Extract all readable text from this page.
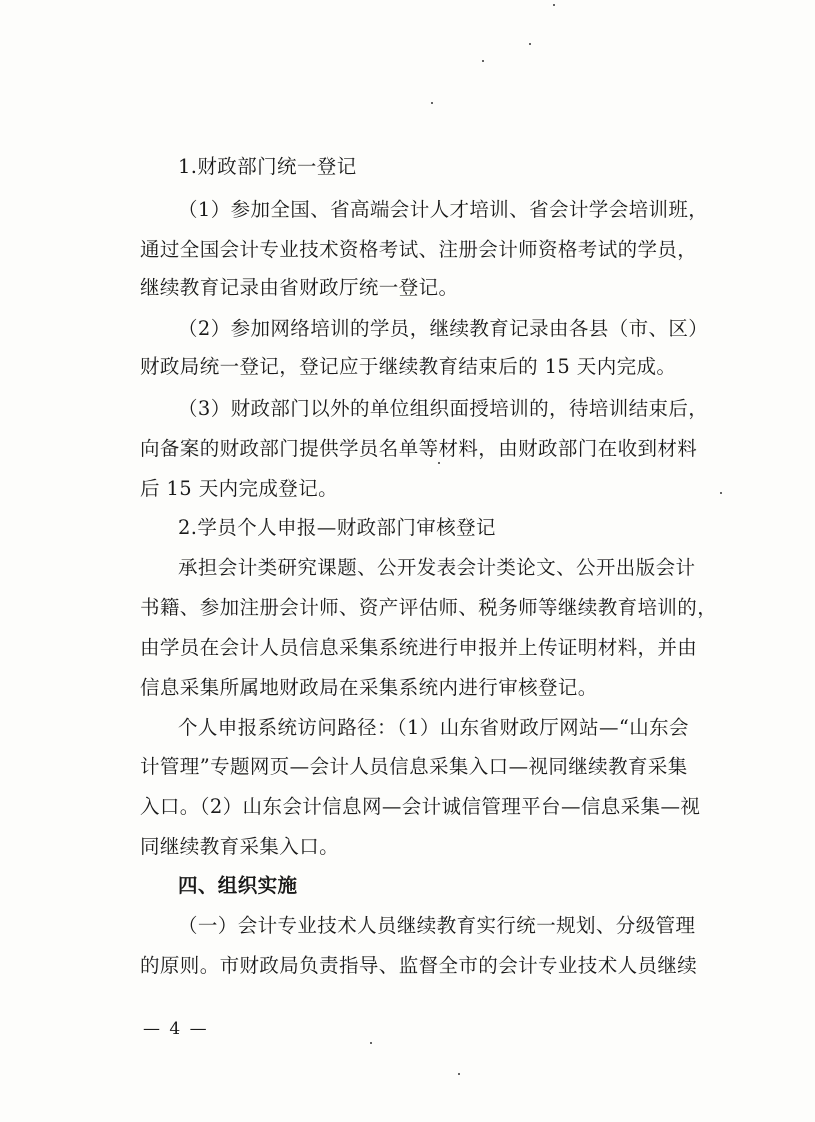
1.财政部门统一登记
（1）参加全国、省高端会计人才培训、省会计学会培训班，
通过全国会计专业技术资格考试、注册会计师资格考试的学员，
继续教育记录由省财政厅统一登记。
（2）参加网络培训的学员，继续教育记录由各县（市、区）
财政局统一登记，登记应于继续教育结束后的 15 天内完成。
（3）财政部门以外的单位组织面授培训的，待培训结束后，
向备案的财政部门提供学员名单等材料，由财政部门在收到材料
后 15 天内完成登记。
2.学员个人申报—财政部门审核登记
承担会计类研究课题、公开发表会计类论文、公开出版会计
书籍、参加注册会计师、资产评估师、税务师等继续教育培训的，
由学员在会计人员信息采集系统进行申报并上传证明材料，并由
信息采集所属地财政局在采集系统内进行审核登记。
个人申报系统访问路径：（1）山东省财政厅网站—“山东会
计管理”专题网页—会计人员信息采集入口—视同继续教育采集
入口。（2）山东会计信息网—会计诚信管理平台—信息采集—视
同继续教育采集入口。
四、组织实施
（一）会计专业技术人员继续教育实行统一规划、分级管理
的原则。市财政局负责指导、监督全市的会计专业技术人员继续
— 4 —
